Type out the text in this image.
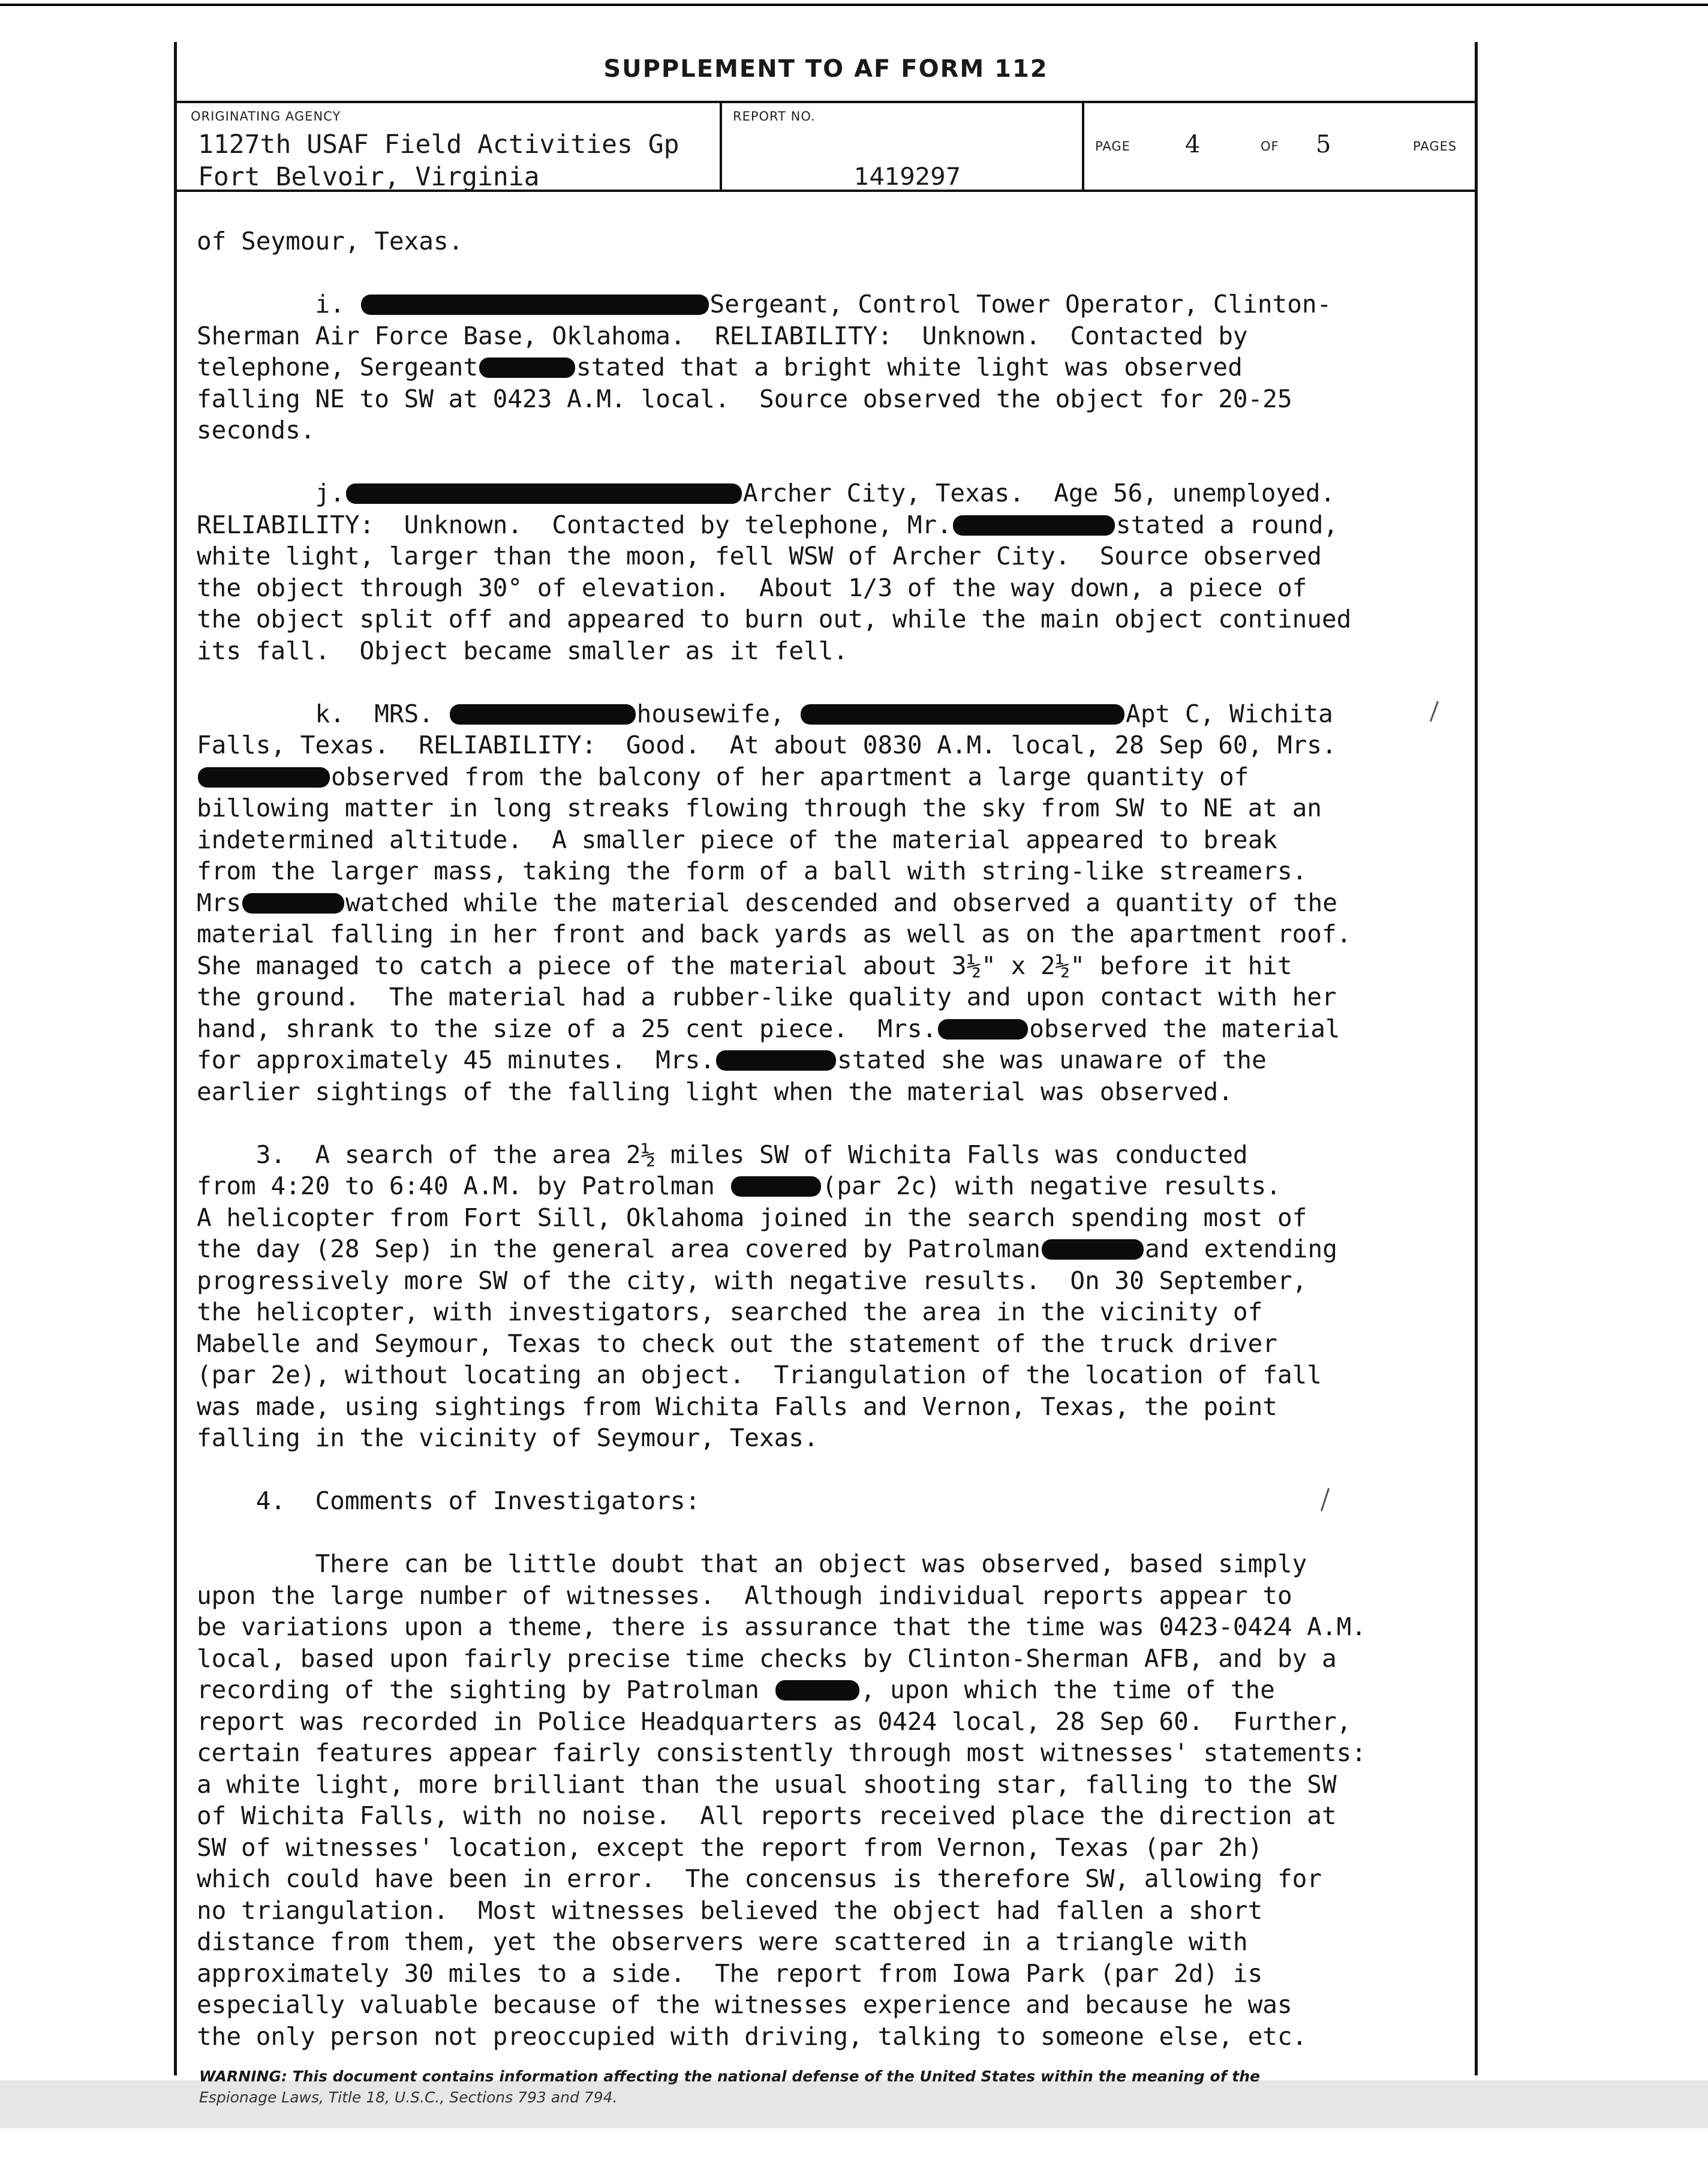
SUPPLEMENT TO AF FORM 112
ORIGINATING AGENCY
1127th USAF Field Activities Gp
Fort Belvoir, Virginia
REPORT NO.
1419297
PAGE 4	OF 5	PAGES
of Seymour, Texas.

i.	Sergeant, Control Tower Operator, Clinton-
Sherman Air Force Base, Oklahoma.  RELIABILITY:  Unknown.  Contacted by
telephone, Sergeant	stated that a bright white light was observed
falling NE to SW at 0423 A.M. local.  Source observed the object for 20-25
seconds.

j.	Archer City, Texas.  Age 56, unemployed.
RELIABILITY:  Unknown.  Contacted by telephone, Mr.	stated a round,
white light, larger than the moon, fell WSW of Archer City.  Source observed
the object through 30° of elevation.  About 1/3 of the way down, a piece of
the object split off and appeared to burn out, while the main object continued
its fall.  Object became smaller as it fell.

k.  MRS.	housewife,	Apt C, Wichita
Falls, Texas.  RELIABILITY:  Good.  At about 0830 A.M. local, 28 Sep 60, Mrs.
observed from the balcony of her apartment a large quantity of
billowing matter in long streaks flowing through the sky from SW to NE at an
indetermined altitude.  A smaller piece of the material appeared to break
from the larger mass, taking the form of a ball with string-like streamers.
Mrs	watched while the material descended and observed a quantity of the
material falling in her front and back yards as well as on the apartment roof.
She managed to catch a piece of the material about 3½" x 2½" before it hit
the ground.  The material had a rubber-like quality and upon contact with her
hand, shrank to the size of a 25 cent piece.  Mrs.	observed the material
for approximately 45 minutes.  Mrs.	stated she was unaware of the
earlier sightings of the falling light when the material was observed.

3.  A search of the area 2½ miles SW of Wichita Falls was conducted
from 4:20 to 6:40 A.M. by Patrolman	(par 2c) with negative results.
A helicopter from Fort Sill, Oklahoma joined in the search spending most of
the day (28 Sep) in the general area covered by Patrolman	and extending
progressively more SW of the city, with negative results.  On 30 September,
the helicopter, with investigators, searched the area in the vicinity of
Mabelle and Seymour, Texas to check out the statement of the truck driver
(par 2e), without locating an object.  Triangulation of the location of fall
was made, using sightings from Wichita Falls and Vernon, Texas, the point
falling in the vicinity of Seymour, Texas.

4.  Comments of Investigators:

There can be little doubt that an object was observed, based simply
upon the large number of witnesses.  Although individual reports appear to
be variations upon a theme, there is assurance that the time was 0423-0424 A.M.
local, based upon fairly precise time checks by Clinton-Sherman AFB, and by a
recording of the sighting by Patrolman	, upon which the time of the
report was recorded in Police Headquarters as 0424 local, 28 Sep 60.  Further,
certain features appear fairly consistently through most witnesses' statements:
a white light, more brilliant than the usual shooting star, falling to the SW
of Wichita Falls, with no noise.  All reports received place the direction at
SW of witnesses' location, except the report from Vernon, Texas (par 2h)
which could have been in error.  The concensus is therefore SW, allowing for
no triangulation.  Most witnesses believed the object had fallen a short
distance from them, yet the observers were scattered in a triangle with
approximately 30 miles to a side.  The report from Iowa Park (par 2d) is
especially valuable because of the witnesses experience and because he was
the only person not preoccupied with driving, talking to someone else, etc.
WARNING: This document contains information affecting the national defense of the United States within the meaning of the
